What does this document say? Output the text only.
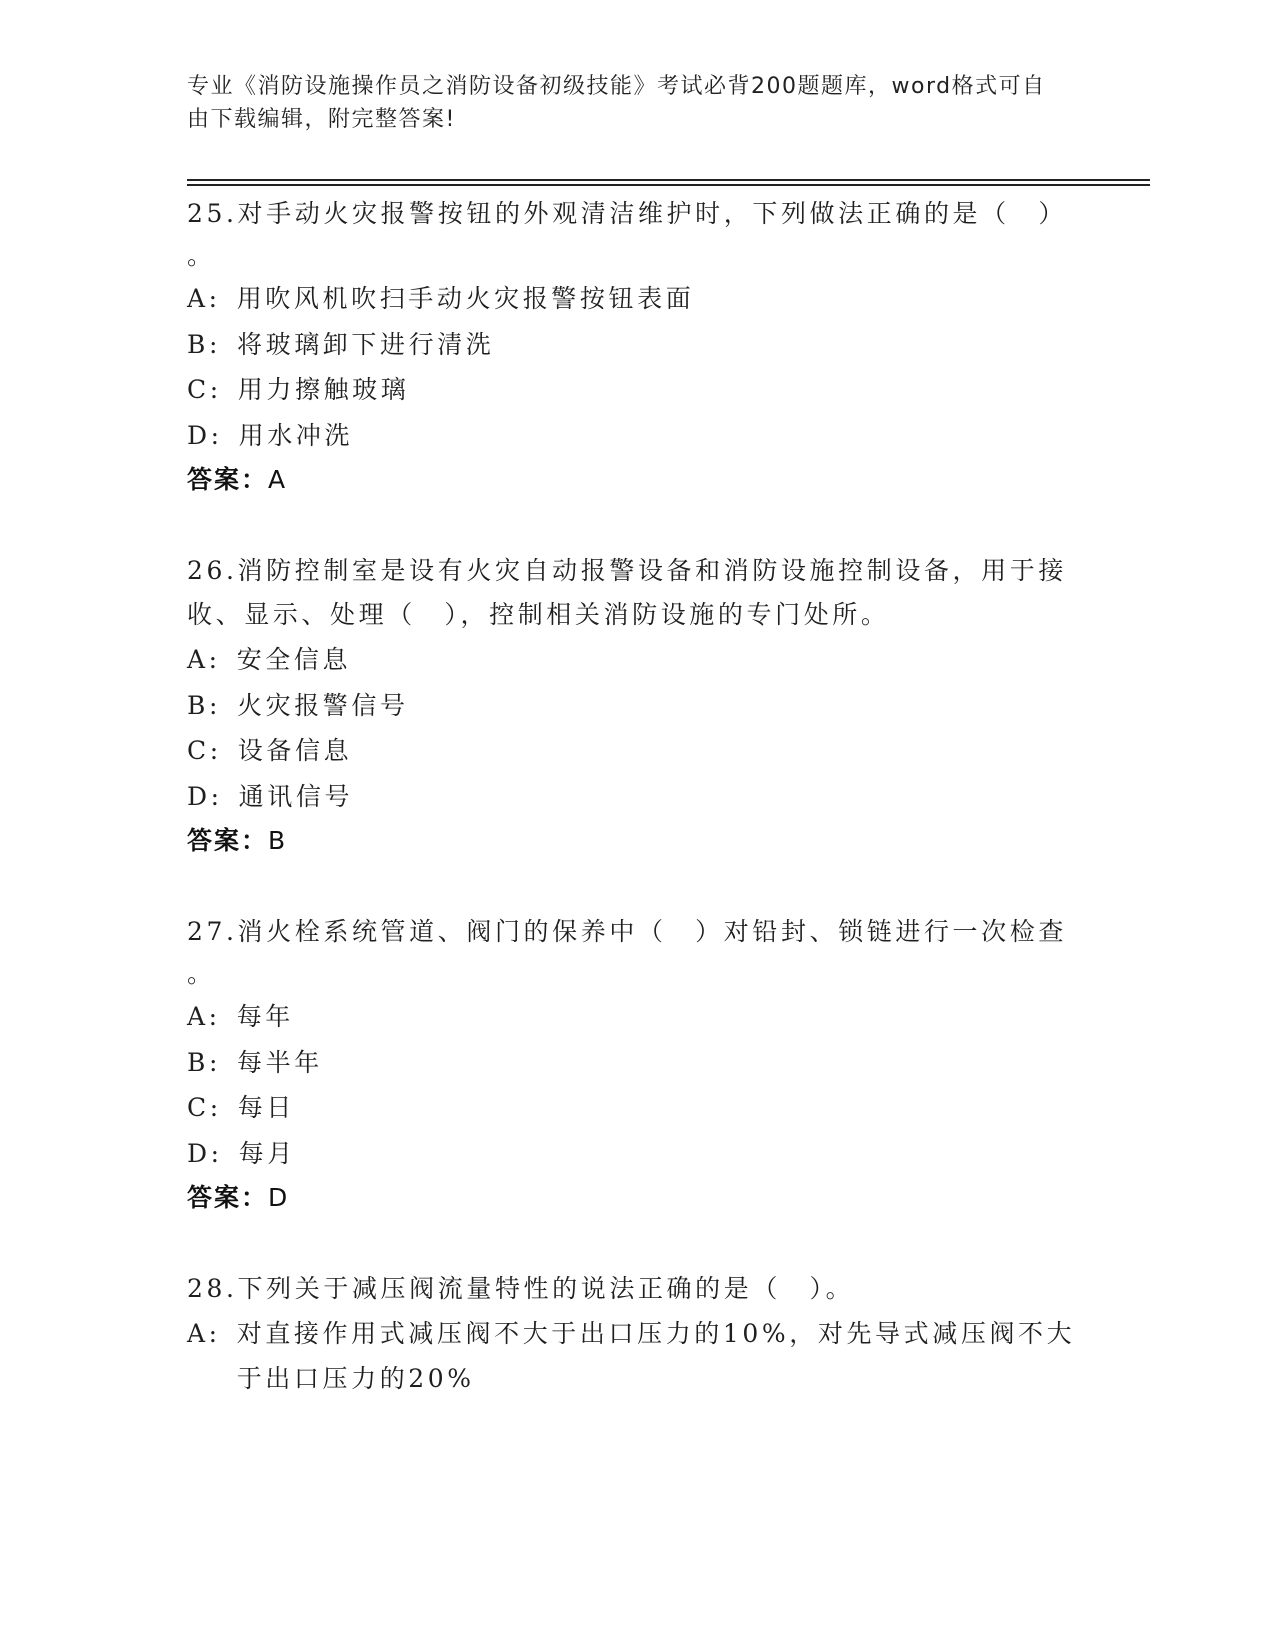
专业《消防设施操作员之消防设备初级技能》考试必背200题题库，word格式可自由下载编辑，附完整答案!

25.对手动火灾报警按钮的外观清洁维护时，下列做法正确的是（　）

。

A: 用吹风机吹扫手动火灾报警按钮表面

B: 将玻璃卸下进行清洗

C: 用力擦触玻璃

D: 用水冲洗

答案：A

26.消防控制室是设有火灾自动报警设备和消防设施控制设备，用于接收、显示、处理（　），控制相关消防设施的专门处所。

A: 安全信息

B: 火灾报警信号

C: 设备信息

D: 通讯信号

答案：B

27.消火栓系统管道、阀门的保养中（　）对铅封、锁链进行一次检查

。

A: 每年

B: 每半年

C: 每日

D: 每月

答案：D

28.下列关于减压阀流量特性的说法正确的是（　）。

A: 对直接作用式减压阀不大于出口压力的10%，对先导式减压阀不大于出口压力的20%
